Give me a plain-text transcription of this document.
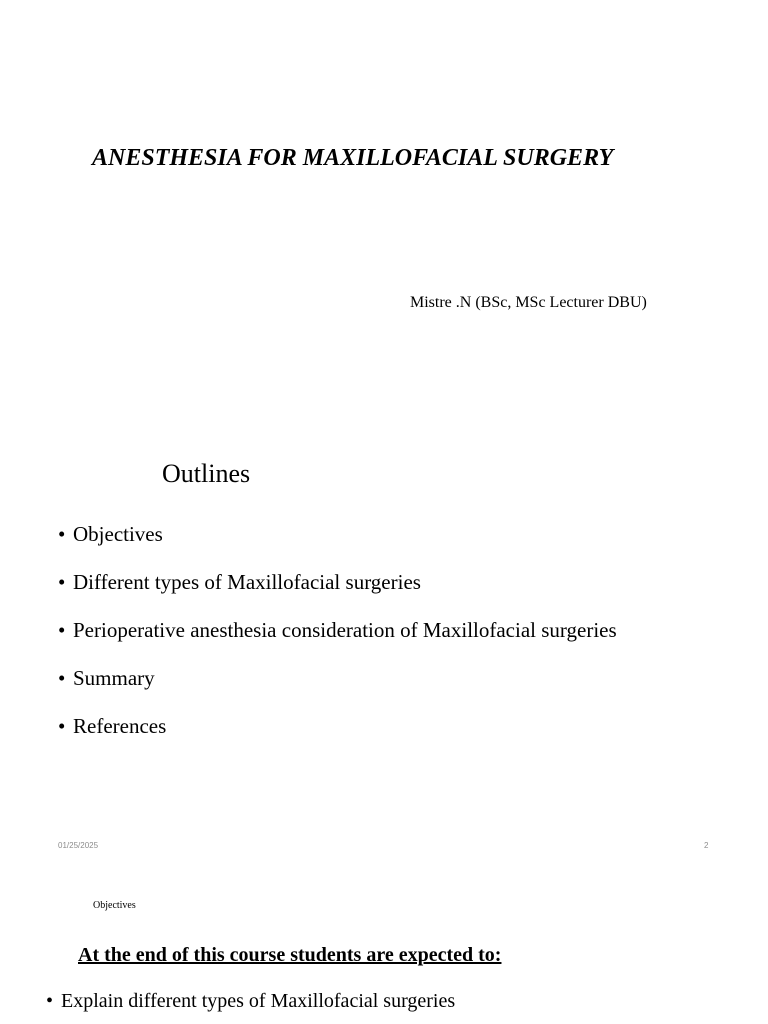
ANESTHESIA FOR MAXILLOFACIAL SURGERY

Mistre .N (BSc, MSc Lecturer DBU)

Outlines
• Objectives
• Different types of Maxillofacial surgeries
• Perioperative anesthesia consideration of Maxillofacial surgeries
• Summary
• References
01/25/2025	2
Objectives

At the end of this course students are expected to:

• Explain different types of Maxillofacial surgeries
